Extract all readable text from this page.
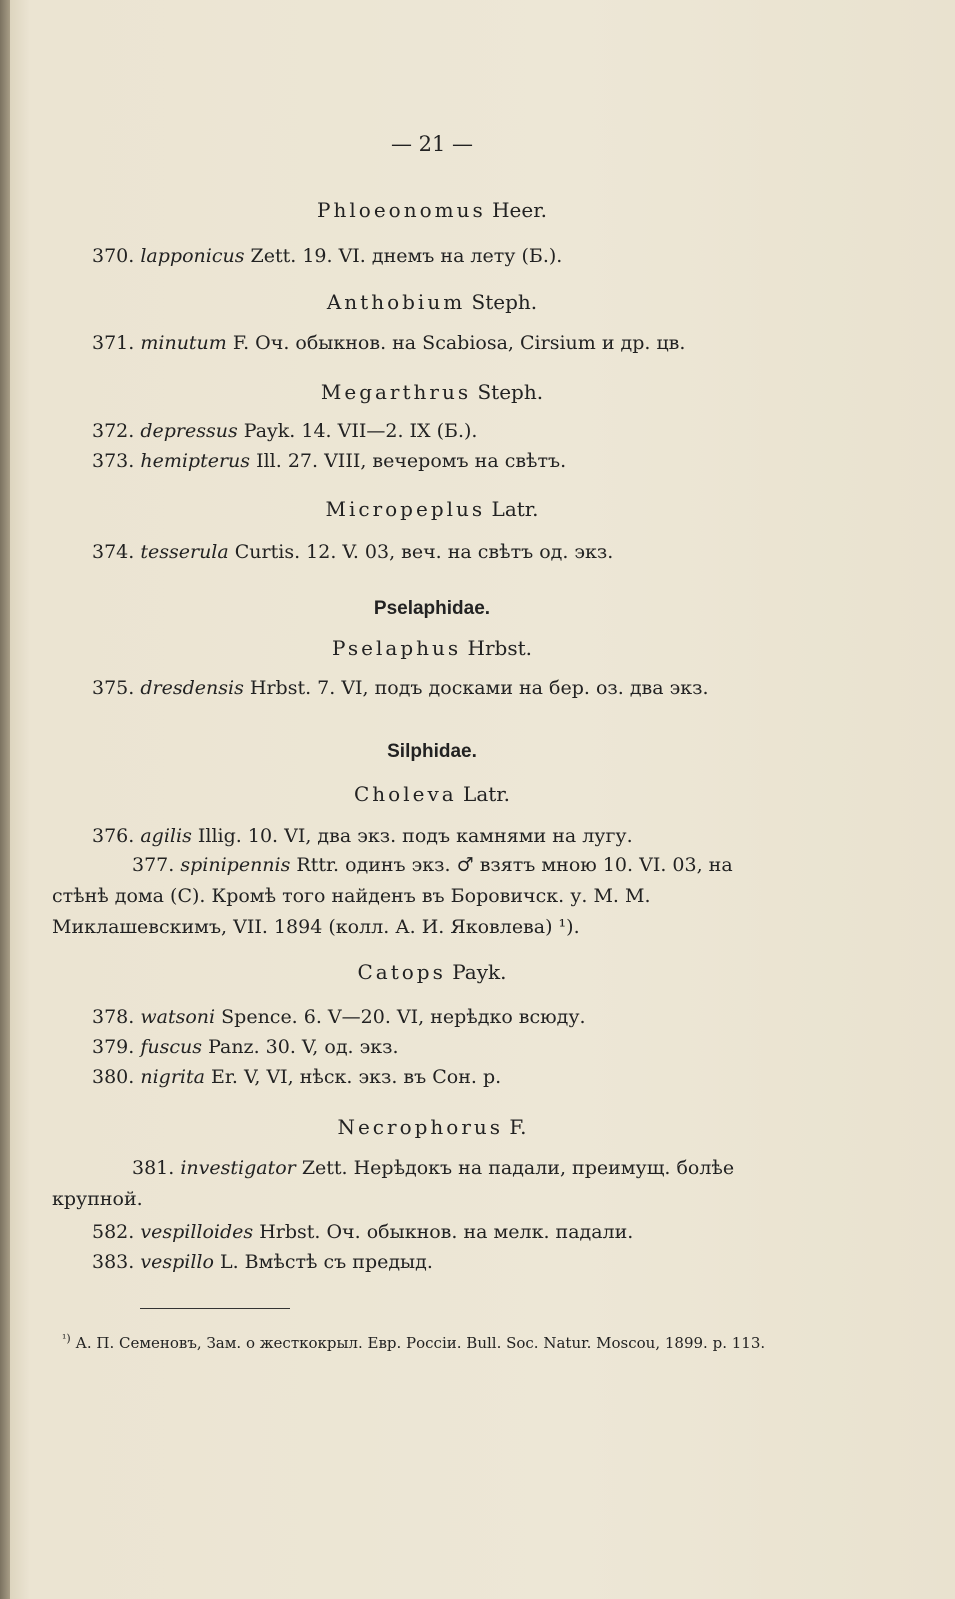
— 21 —
Phloeonomus Heer.
370. lapponicus Zett. 19. VI. днемъ на лету (Б.).
Anthobium Steph.
371. minutum F. Оч. обыкнов. на Scabiosa, Cirsium и др. цв.
Megarthrus Steph.
372. depressus Payk. 14. VII—2. IX (Б.).
373. hemipterus Ill. 27. VIII, вечеромъ на свѣтъ.
Micropeplus Latr.
374. tesserula Curtis. 12. V. 03, веч. на свѣтъ од. экз.
Pselaphidae.
Pselaphus Hrbst.
375. dresdensis Hrbst. 7. VI, подъ досками на бер. оз. два экз.
Silphidae.
Choleva Latr.
376. agilis Illig. 10. VI, два экз. подъ камнями на лугу.
377. spinipennis Rttr. одинъ экз. ♂ взятъ мною 10. VI. 03, на стѣнѣ дома (С). Кромѣ того найденъ въ Боровичск. у. М. М. Миклашевскимъ, VII. 1894 (колл. А. И. Яковлева) ¹).
Catops Payk.
378. watsoni Spence. 6. V—20. VI, нерѣдко всюду.
379. fuscus Panz. 30. V, од. экз.
380. nigrita Er. V, VI, нѣск. экз. въ Сон. р.
Necrophorus F.
381. investigator Zett. Нерѣдокъ на падали, преимущ. болѣе крупной.
582. vespilloides Hrbst. Оч. обыкнов. на мелк. падали.
383. vespillo L. Вмѣстѣ съ предыд.
$^{^1)}$ А. П. Семеновъ, Зам. о жесткокрыл. Евр. Россiи. Bull. Soc. Natur. Moscou, 1899. p. 113.
